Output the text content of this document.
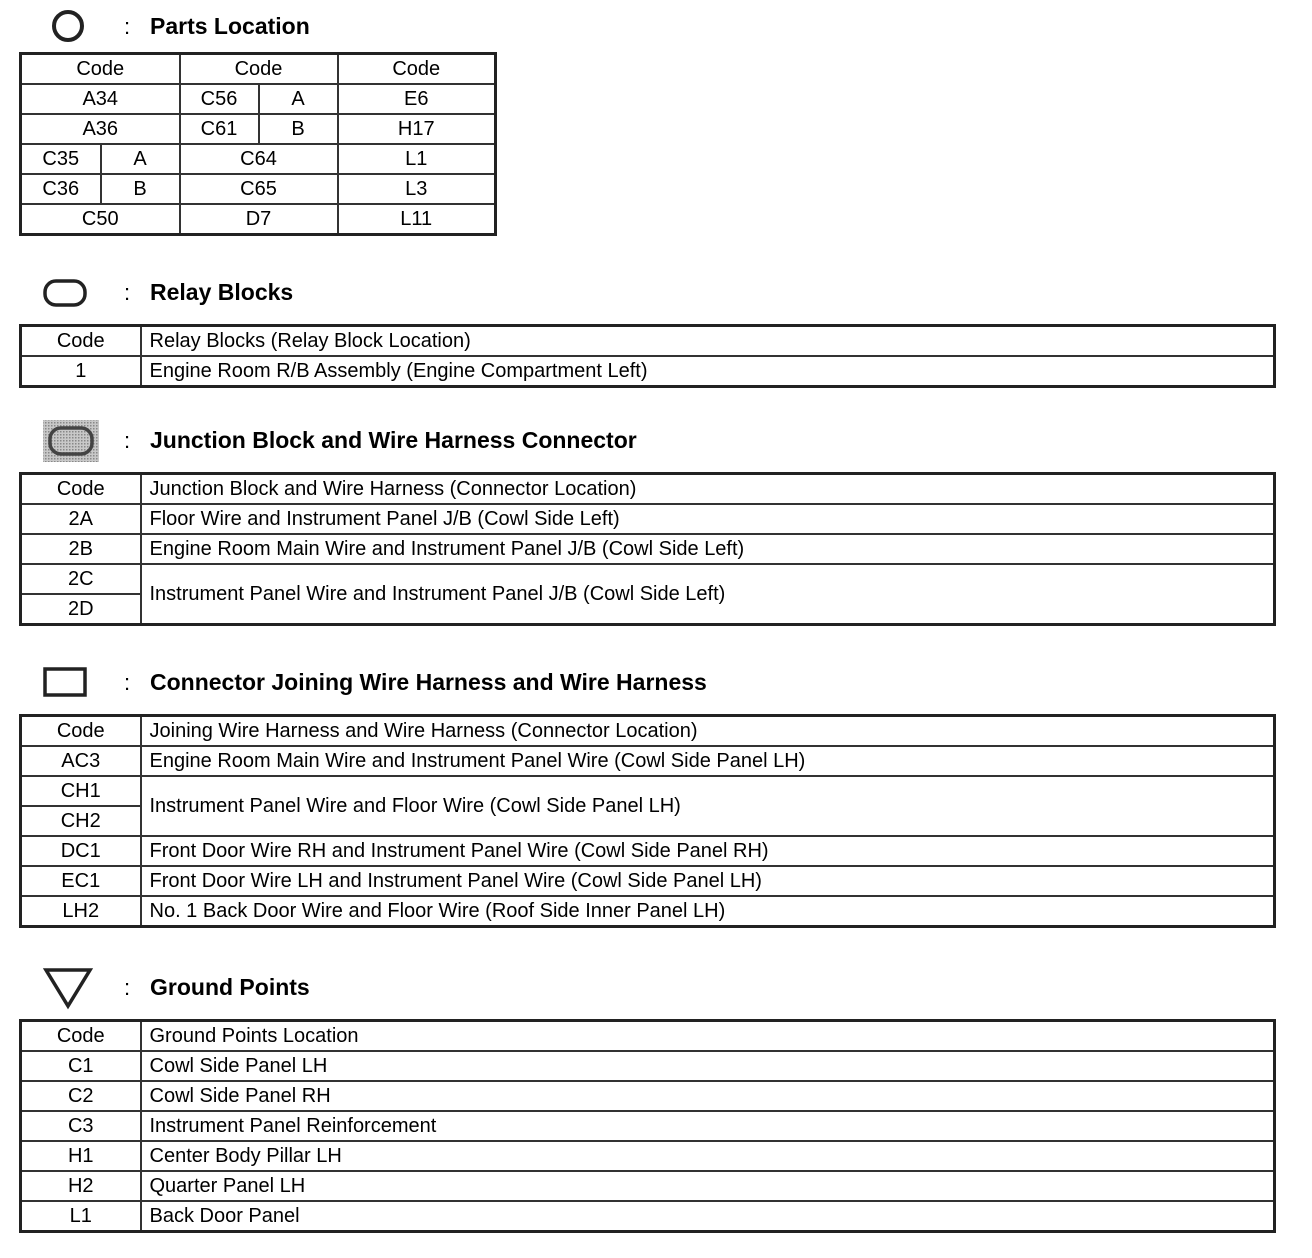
: Parts Location
Code		Code		Code
A34		C56	A	E6
A36		C61	B	H17
C35	A	C64		L1
C36	B	C65		L3
C50		D7		L11
: Relay Blocks
Code	Relay Blocks (Relay Block Location)
1	Engine Room R/B Assembly (Engine Compartment Left)
: Junction Block and Wire Harness Connector
Code	Junction Block and Wire Harness (Connector Location)
2A	Floor Wire and Instrument Panel J/B (Cowl Side Left)
2B	Engine Room Main Wire and Instrument Panel J/B (Cowl Side Left)
2C	Instrument Panel Wire and Instrument Panel J/B (Cowl Side Left)
2D	
: Connector Joining Wire Harness and Wire Harness
Code	Joining Wire Harness and Wire Harness (Connector Location)
AC3	Engine Room Main Wire and Instrument Panel Wire (Cowl Side Panel LH)
CH1	Instrument Panel Wire and Floor Wire (Cowl Side Panel LH)
CH2	
DC1	Front Door Wire RH and Instrument Panel Wire (Cowl Side Panel RH)
EC1	Front Door Wire LH and Instrument Panel Wire (Cowl Side Panel LH)
LH2	No. 1 Back Door Wire and Floor Wire (Roof Side Inner Panel LH)
: Ground Points
Code	Ground Points Location
C1	Cowl Side Panel LH
C2	Cowl Side Panel RH
C3	Instrument Panel Reinforcement
H1	Center Body Pillar LH
H2	Quarter Panel LH
L1	Back Door Panel
